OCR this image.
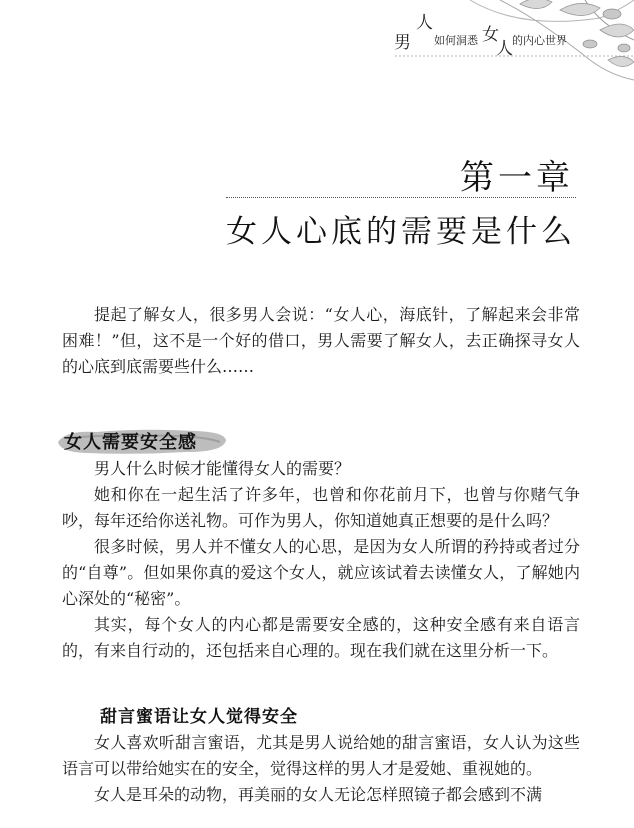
男
人
如何洞悉 女
人 的内心世界
第一章
女人心底的需要是什么

提起了解女人，很多男人会说：“女人心，海底针，了解起来会非常困难！”但，这不是一个好的借口，男人需要了解女人，去正确探寻女人的心底到底需要些什么……

女人需要安全感

男人什么时候才能懂得女人的需要？

她和你在一起生活了许多年，也曾和你花前月下，也曾与你赌气争吵，每年还给你送礼物。可作为男人，你知道她真正想要的是什么吗？

很多时候，男人并不懂女人的心思，是因为女人所谓的矜持或者过分的“自尊”。但如果你真的爱这个女人，就应该试着去读懂女人，了解她内心深处的“秘密”。

其实，每个女人的内心都是需要安全感的，这种安全感有来自语言的，有来自行动的，还包括来自心理的。现在我们就在这里分析一下。

甜言蜜语让女人觉得安全

女人喜欢听甜言蜜语，尤其是男人说给她的甜言蜜语，女人认为这些语言可以带给她实在的安全，觉得这样的男人才是爱她、重视她的。

女人是耳朵的动物，再美丽的女人无论怎样照镜子都会感到不满
